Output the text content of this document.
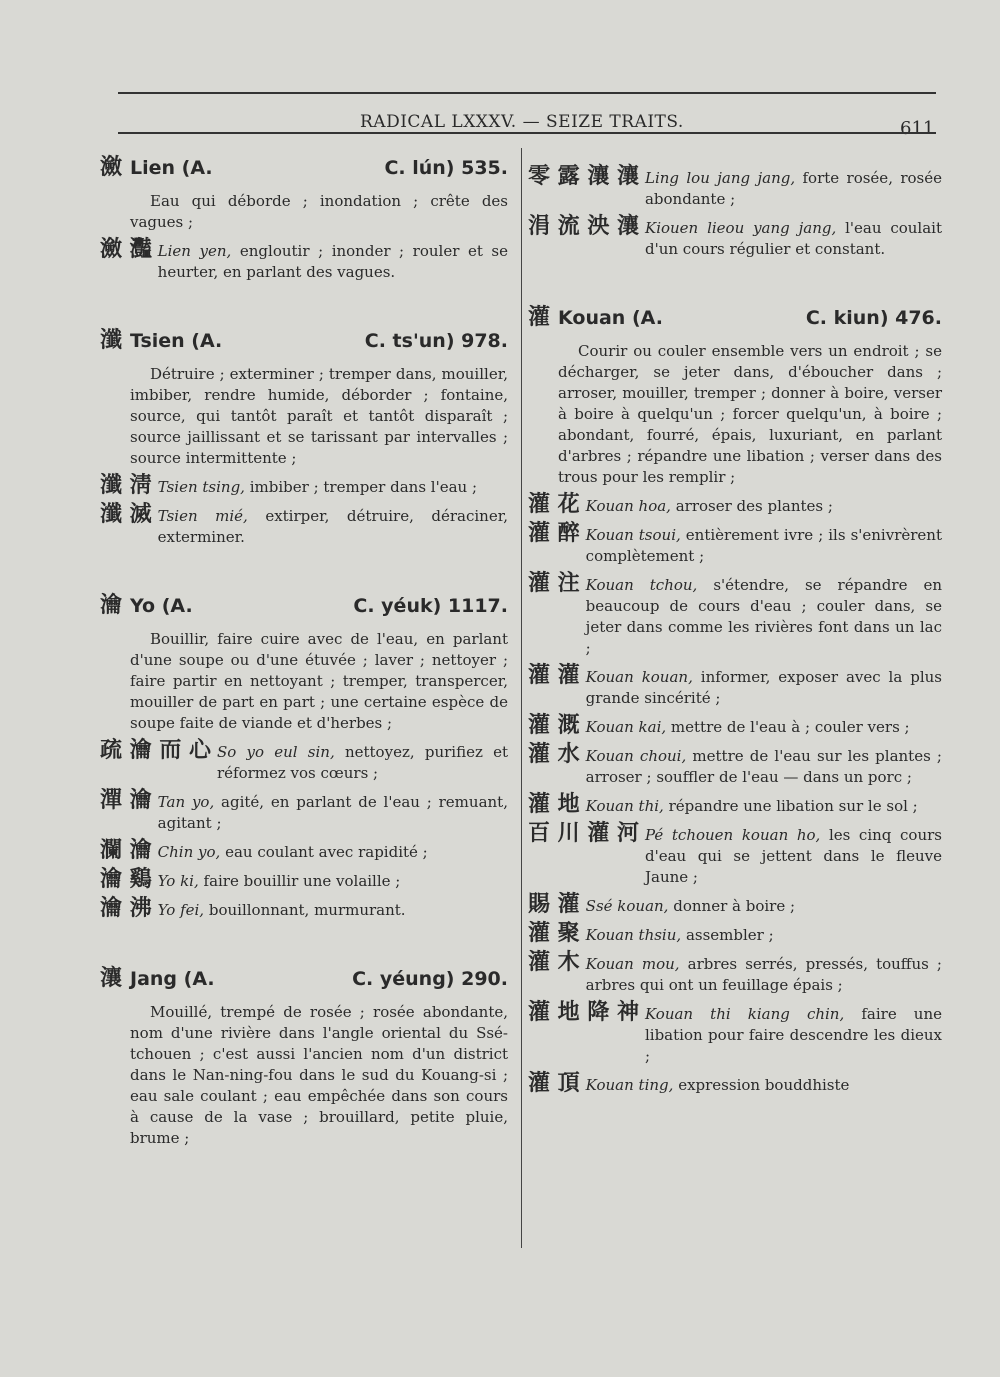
RADICAL LXXXV. — SEIZE TRAITS.	611
瀲 Lien (A.	C. lún) 535.

Eau qui déborde ; inondation ; crête des vagues ;

瀲 灩 Lien yen, engloutir ; inonder ; rouler et se heurter, en parlant des vagues.
瀸 Tsien (A.	C. ts'un) 978.

Détruire ; exterminer ; tremper dans, mouiller, imbiber, rendre humide, déborder ; fontaine, source, qui tantôt paraît et tantôt disparaît ; source jaillissant et se tarissant par intervalles ; source intermittente ;

瀸 淸 Tsien tsing, imbiber ; tremper dans l'eau ;
瀸 滅 Tsien mié, extirper, détruire, déraciner, exterminer.
瀹 Yo (A.	C. yéuk) 1117.

Bouillir, faire cuire avec de l'eau, en parlant d'une soupe ou d'une étuvée ; laver ; nettoyer ; faire partir en nettoyant ; tremper, transpercer, mouiller de part en part ; une certaine espèce de soupe faite de viande et d'herbes ;

疏 瀹 而 心 So yo eul sin, nettoyez, purifiez et réformez vos cœurs ;
潬 瀹 Tan yo, agité, en parlant de l'eau ; remuant, agitant ;
瀾 瀹 Chin yo, eau coulant avec rapidité ;
瀹 鷄 Yo ki, faire bouillir une volaille ;
瀹 沸 Yo fei, bouillonnant, murmurant.
瀼 Jang (A.	C. yéung) 290.

Mouillé, trempé de rosée ; rosée abondante, nom d'une rivière dans l'angle oriental du Ssé-tchouen ; c'est aussi l'ancien nom d'un district dans le Nan-ning-fou dans le sud du Kouang-si ; eau sale coulant ; eau empêchée dans son cours à cause de la vase ; brouillard, petite pluie, brume ;

零 露 瀼 瀼 Ling lou jang jang, forte rosée, rosée abondante ;
涓 流 泱 瀼 Kiouen lieou yang jang, l'eau coulait d'un cours régulier et constant.
灌 Kouan (A.	C. kiun) 476.

Courir ou couler ensemble vers un endroit ; se décharger, se jeter dans, d'éboucher dans ; arroser, mouiller, tremper ; donner à boire, verser à boire à quelqu'un ; forcer quelqu'un, à boire ; abondant, fourré, épais, luxuriant, en parlant d'arbres ; répandre une libation ; verser dans des trous pour les remplir ;

灌 花 Kouan hoa, arroser des plantes ;
灌 醉 Kouan tsoui, entièrement ivre ; ils s'enivrèrent complètement ;
灌 注 Kouan tchou, s'étendre, se répandre en beaucoup de cours d'eau ; couler dans, se jeter dans comme les rivières font dans un lac ;
灌 灌 Kouan kouan, informer, exposer avec la plus grande sincérité ;
灌 溉 Kouan kai, mettre de l'eau à ; couler vers ;
灌 水 Kouan choui, mettre de l'eau sur les plantes ; arroser ; souffler de l'eau — dans un porc ;
灌 地 Kouan thi, répandre une libation sur le sol ;
百 川 灌 河 Pé tchouen kouan ho, les cinq cours d'eau qui se jettent dans le fleuve Jaune ;
賜 灌 Ssé kouan, donner à boire ;
灌 聚 Kouan thsiu, assembler ;
灌 木 Kouan mou, arbres serrés, pressés, touffus ; arbres qui ont un feuillage épais ;
灌 地 降 神 Kouan thi kiang chin, faire une libation pour faire descendre les dieux ;
灌 頂 Kouan ting, expression bouddhiste
